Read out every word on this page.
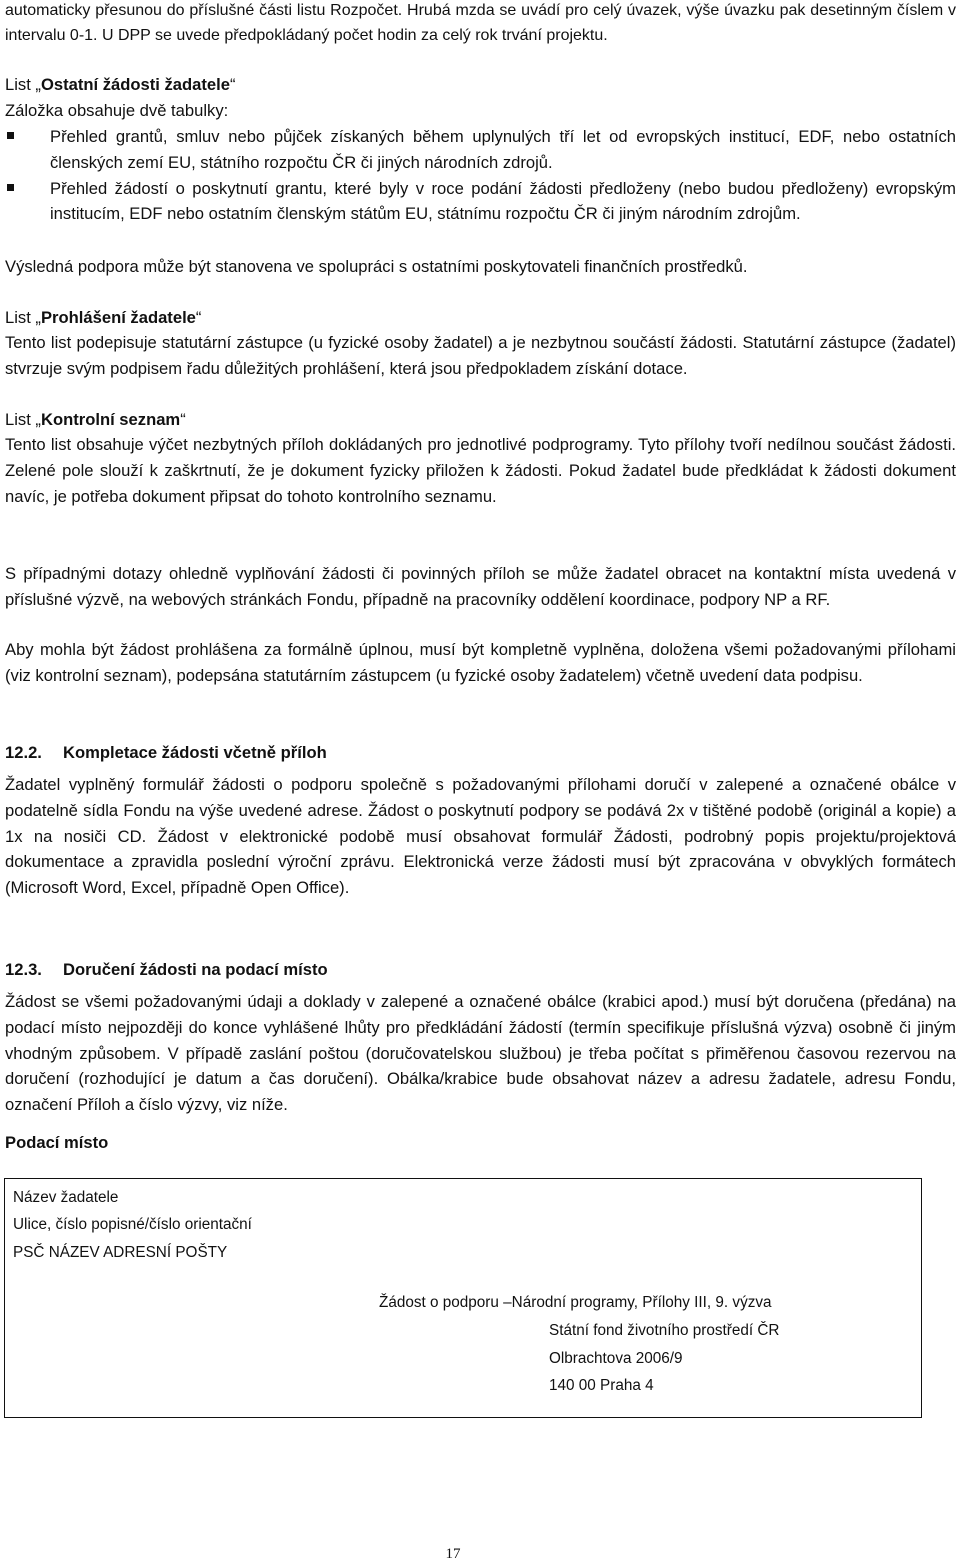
automaticky přesunou do příslušné části listu Rozpočet. Hrubá mzda se uvádí pro celý úvazek, výše úvazku pak desetinným číslem v intervalu 0-1. U DPP se uvede předpokládaný počet hodin za celý rok trvání projektu.

List „Ostatní žádosti žadatele“

Záložka obsahuje dvě tabulky:

Přehled grantů, smluv nebo půjček získaných během uplynulých tří let od evropských institucí, EDF, nebo ostatních členských zemí EU, státního rozpočtu ČR či jiných národních zdrojů.
Přehled žádostí o poskytnutí grantu, které byly v roce podání žádosti předloženy (nebo budou předloženy) evropským institucím, EDF nebo ostatním členským státům EU, státnímu rozpočtu ČR či jiným národním zdrojům.

Výsledná podpora může být stanovena ve spolupráci s ostatními poskytovateli finančních prostředků.

List „Prohlášení žadatele“

Tento list podepisuje statutární zástupce (u fyzické osoby žadatel) a je nezbytnou součástí žádosti. Statutární zástupce (žadatel) stvrzuje svým podpisem řadu důležitých prohlášení, která jsou předpokladem získání dotace.

List „Kontrolní seznam“

Tento list obsahuje výčet nezbytných příloh dokládaných pro jednotlivé podprogramy. Tyto přílohy tvoří nedílnou součást žádosti. Zelené pole slouží k zaškrtnutí, že je dokument fyzicky přiložen k žádosti. Pokud žadatel bude předkládat k žádosti dokument navíc, je potřeba dokument připsat do tohoto kontrolního seznamu.

S případnými dotazy ohledně vyplňování žádosti či povinných příloh se může žadatel obracet na kontaktní místa uvedená v příslušné výzvě, na webových stránkách Fondu, případně na pracovníky oddělení koordinace, podpory NP a RF.

Aby mohla být žádost prohlášena za formálně úplnou, musí být kompletně vyplněna, doložena všemi požadovanými přílohami (viz kontrolní seznam), podepsána statutárním zástupcem (u fyzické osoby žadatelem) včetně uvedení data podpisu.

12.2. Kompletace žádosti včetně příloh

Žadatel vyplněný formulář žádosti o podporu společně s požadovanými přílohami doručí v zalepené a označené obálce v podatelně sídla Fondu na výše uvedené adrese. Žádost o poskytnutí podpory se podává 2x v tištěné podobě (originál a kopie) a 1x na nosiči CD. Žádost v elektronické podobě musí obsahovat formulář Žádosti, podrobný popis projektu/projektová dokumentace a zpravidla poslední výroční zprávu. Elektronická verze žádosti musí být zpracována v obvyklých formátech (Microsoft Word, Excel, případně Open Office).

12.3. Doručení žádosti na podací místo

Žádost se všemi požadovanými údaji a doklady v zalepené a označené obálce (krabici apod.) musí být doručena (předána) na podací místo nejpozději do konce vyhlášené lhůty pro předkládání žádostí (termín specifikuje příslušná výzva) osobně či jiným vhodným způsobem. V případě zaslání poštou (doručovatelskou službou) je třeba počítat s přiměřenou časovou rezervou na doručení (rozhodující je datum a čas doručení). Obálka/krabice bude obsahovat název a adresu žadatele, adresu Fondu, označení Příloh a číslo výzvy, viz níže.

Podací místo

Název žadatele
Ulice, číslo popisné/číslo orientační
PSČ NÁZEV ADRESNÍ POŠTY
Žádost o podporu –Národní programy, Přílohy III, 9. výzva
Státní fond životního prostředí ČR
Olbrachtova 2006/9
140 00 Praha 4
17
